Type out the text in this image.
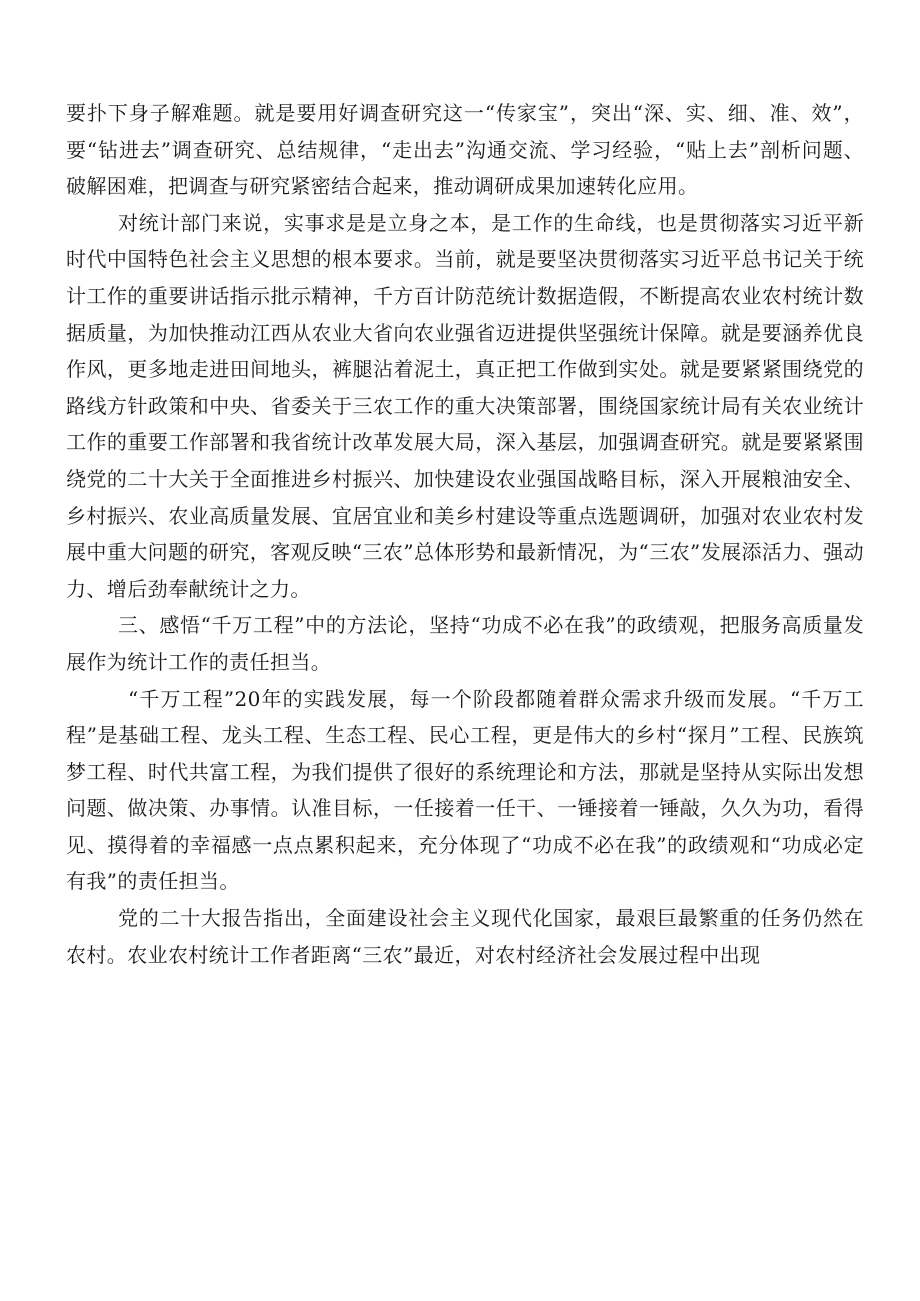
要扑下身子解难题。就是要用好调查研究这一“传家宝”，突出“深、实、细、准、效”，要“钻进去”调查研究、总结规律，“走出去”沟通交流、学习经验，“贴上去”剖析问题、破解困难，把调查与研究紧密结合起来，推动调研成果加速转化应用。

对统计部门来说，实事求是是立身之本，是工作的生命线，也是贯彻落实习近平新时代中国特色社会主义思想的根本要求。当前，就是要坚决贯彻落实习近平总书记关于统计工作的重要讲话指示批示精神，千方百计防范统计数据造假，不断提高农业农村统计数据质量，为加快推动江西从农业大省向农业强省迈进提供坚强统计保障。就是要涵养优良作风，更多地走进田间地头，裤腿沾着泥土，真正把工作做到实处。就是要紧紧围绕党的路线方针政策和中央、省委关于三农工作的重大决策部署，围绕国家统计局有关农业统计工作的重要工作部署和我省统计改革发展大局，深入基层，加强调查研究。就是要紧紧围绕党的二十大关于全面推进乡村振兴、加快建设农业强国战略目标，深入开展粮油安全、乡村振兴、农业高质量发展、宜居宜业和美乡村建设等重点选题调研，加强对农业农村发展中重大问题的研究，客观反映“三农”总体形势和最新情况，为“三农”发展添活力、强动力、增后劲奉献统计之力。

三、感悟“千万工程”中的方法论，坚持“功成不必在我”的政绩观，把服务高质量发展作为统计工作的责任担当。

“千万工程”20年的实践发展，每一个阶段都随着群众需求升级而发展。“千万工程”是基础工程、龙头工程、生态工程、民心工程，更是伟大的乡村“探月”工程、民族筑梦工程、时代共富工程，为我们提供了很好的系统理论和方法，那就是坚持从实际出发想问题、做决策、办事情。认准目标，一任接着一任干、一锤接着一锤敲，久久为功，看得见、摸得着的幸福感一点点累积起来，充分体现了“功成不必在我”的政绩观和“功成必定有我”的责任担当。

党的二十大报告指出，全面建设社会主义现代化国家，最艰巨最繁重的任务仍然在农村。农业农村统计工作者距离“三农”最近，对农村经济社会发展过程中出现
